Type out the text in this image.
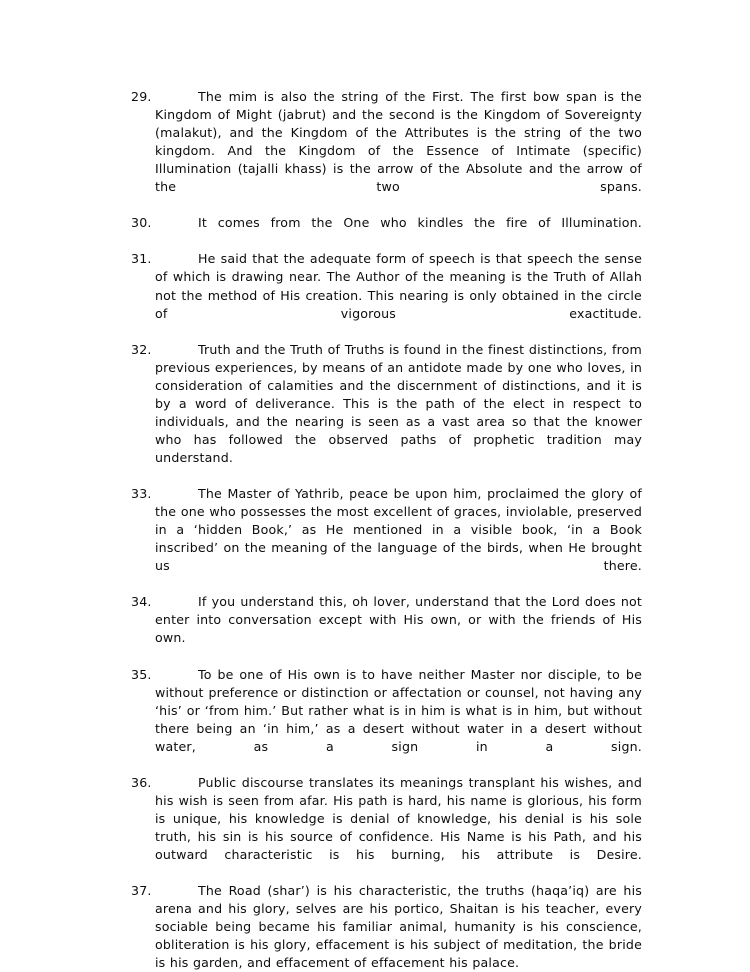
29.	The mim is also the string of the First. The first bow span is the Kingdom of Might (jabrut) and the second is the Kingdom of Sovereignty (malakut), and the Kingdom of the Attributes is the string of the two kingdom. And the Kingdom of the Essence of Intimate (specific) Illumination (tajalli khass) is the arrow of the Absolute and the arrow of the two spans.
30.	It comes from the One who kindles the fire of Illumination.
31.	He said that the adequate form of speech is that speech the sense of which is drawing near. The Author of the meaning is the Truth of Allah not the method of His creation. This nearing is only obtained in the circle of vigorous exactitude.
32.	Truth and the Truth of Truths is found in the finest distinctions, from previous experiences, by means of an antidote made by one who loves, in consideration of calamities and the discernment of distinctions, and it is by a word of deliverance. This is the path of the elect in respect to individuals, and the nearing is seen as a vast area so that the knower who has followed the observed paths of prophetic tradition may understand.
33.	The Master of Yathrib, peace be upon him, proclaimed the glory of the one who possesses the most excellent of graces, inviolable, preserved in a ‘hidden Book,’ as He mentioned in a visible book, ‘in a Book inscribed’ on the meaning of the language of the birds, when He brought us there.
34.	If you understand this, oh lover, understand that the Lord does not enter into conversation except with His own, or with the friends of His own.
35.	To be one of His own is to have neither Master nor disciple, to be without preference or distinction or affectation or counsel, not having any ‘his’ or ‘from him.’ But rather what is in him is what is in him, but without there being an ‘in him,’ as a desert without water in a desert without water, as a sign in a sign.
36.	Public discourse translates its meanings transplant his wishes, and his wish is seen from afar. His path is hard, his name is glorious, his form is unique, his knowledge is denial of knowledge, his denial is his sole truth, his sin is his source of confidence. His Name is his Path, and his outward characteristic is his burning, his attribute is Desire.
37.	The Road (shar’) is his characteristic, the truths (haqa’iq) are his arena and his glory, selves are his portico, Shaitan is his teacher, every sociable being became his familiar animal, humanity is his conscience, obliteration is his glory, effacement is his subject of meditation, the bride is his garden, and effacement of effacement his palace.
